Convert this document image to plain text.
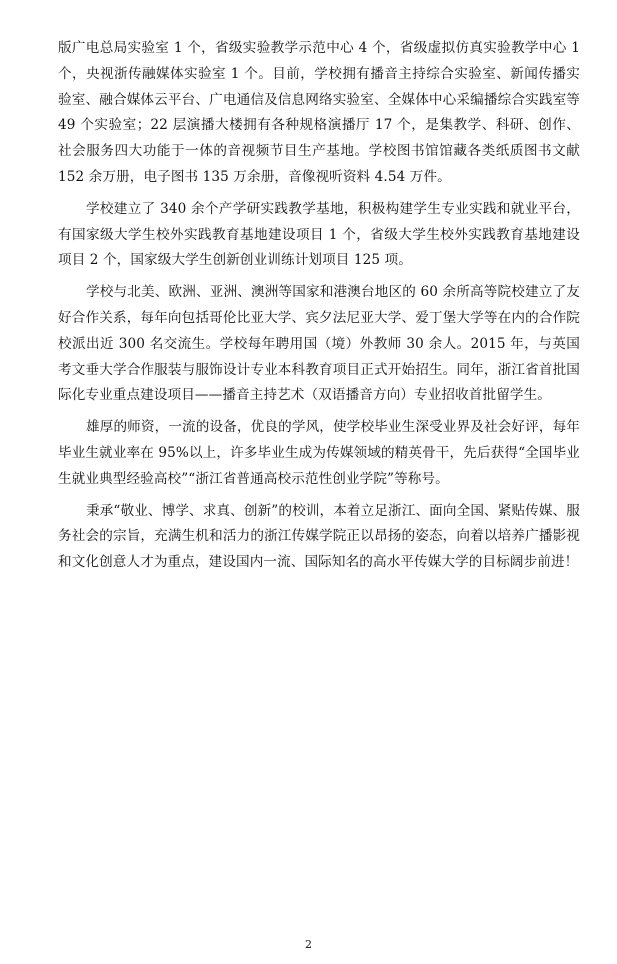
版广电总局实验室 1 个，省级实验教学示范中心 4 个，省级虚拟仿真实验教学中心 1 个，央视浙传融媒体实验室 1 个。目前，学校拥有播音主持综合实验室、新闻传播实验室、融合媒体云平台、广电通信及信息网络实验室、全媒体中心采编播综合实践室等 49 个实验室；22 层演播大楼拥有各种规格演播厅 17 个，是集教学、科研、创作、社会服务四大功能于一体的音视频节目生产基地。学校图书馆馆藏各类纸质图书文献 152 余万册，电子图书 135 万余册，音像视听资料 4.54 万件。

学校建立了 340 余个产学研实践教学基地，积极构建学生专业实践和就业平台，有国家级大学生校外实践教育基地建设项目 1 个，省级大学生校外实践教育基地建设项目 2 个，国家级大学生创新创业训练计划项目 125 项。

学校与北美、欧洲、亚洲、澳洲等国家和港澳台地区的 60 余所高等院校建立了友好合作关系，每年向包括哥伦比亚大学、宾夕法尼亚大学、爱丁堡大学等在内的合作院校派出近 300 名交流生。学校每年聘用国（境）外教师 30 余人。2015 年，与英国考文垂大学合作服装与服饰设计专业本科教育项目正式开始招生。同年，浙江省首批国际化专业重点建设项目——播音主持艺术（双语播音方向）专业招收首批留学生。

雄厚的师资，一流的设备，优良的学风，使学校毕业生深受业界及社会好评，每年毕业生就业率在 95%以上，许多毕业生成为传媒领域的精英骨干，先后获得“全国毕业生就业典型经验高校”“浙江省普通高校示范性创业学院”等称号。

秉承“敬业、博学、求真、创新”的校训，本着立足浙江、面向全国、紧贴传媒、服务社会的宗旨，充满生机和活力的浙江传媒学院正以昂扬的姿态，向着以培养广播影视和文化创意人才为重点，建设国内一流、国际知名的高水平传媒大学的目标阔步前进！

2
